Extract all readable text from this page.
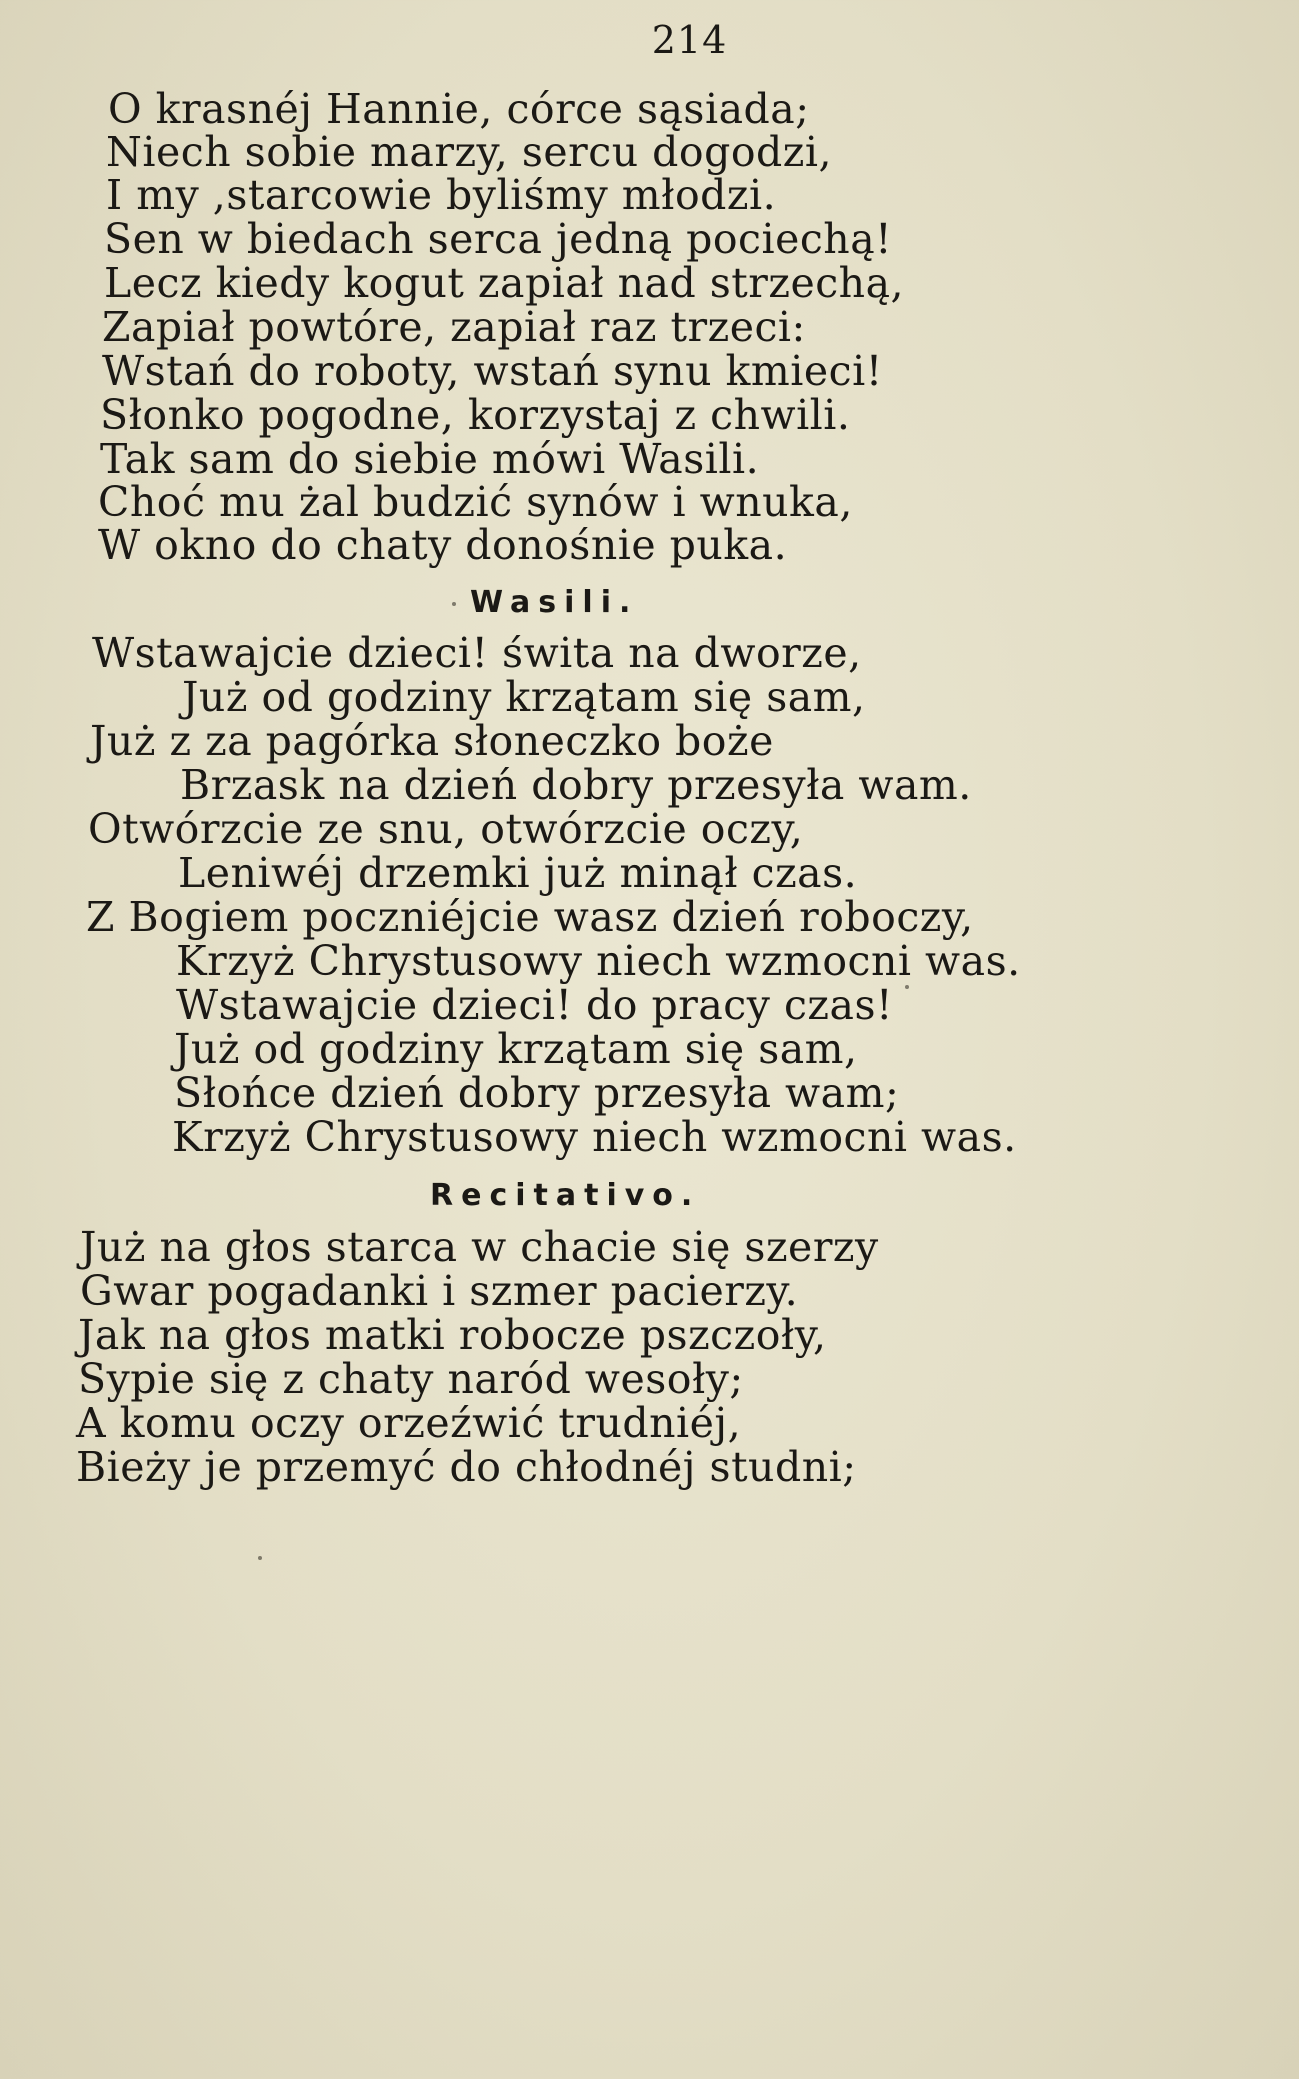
214
O krasnéj Hannie, córce sąsiada;
Niech sobie marzy, sercu dogodzi,
I my ,starcowie byliśmy młodzi.
Sen w biedach serca jedną pociechą!
Lecz kiedy kogut zapiał nad strzechą,
Zapiał powtóre, zapiał raz trzeci:
Wstań do roboty, wstań synu kmieci!
Słonko pogodne, korzystaj z chwili.
Tak sam do siebie mówi Wasili.
Choć mu żal budzić synów i wnuka,
W okno do chaty donośnie puka.
Wasili.
Wstawajcie dzieci! świta na dworze,
Już od godziny krzątam się sam,
Już z za pagórka słoneczko boże
Brzask na dzień dobry przesyła wam.
Otwórzcie ze snu, otwórzcie oczy,
Leniwéj drzemki już minął czas.
Z Bogiem poczniéjcie wasz dzień roboczy,
Krzyż Chrystusowy niech wzmocni was.
Wstawajcie dzieci! do pracy czas!
Już od godziny krzątam się sam,
Słońce dzień dobry przesyła wam;
Krzyż Chrystusowy niech wzmocni was.
Recitativo.
Już na głos starca w chacie się szerzy
Gwar pogadanki i szmer pacierzy.
Jak na głos matki robocze pszczoły,
Sypie się z chaty naród wesoły;
A komu oczy orzeźwić trudniéj,
Bieży je przemyć do chłodnéj studni;
